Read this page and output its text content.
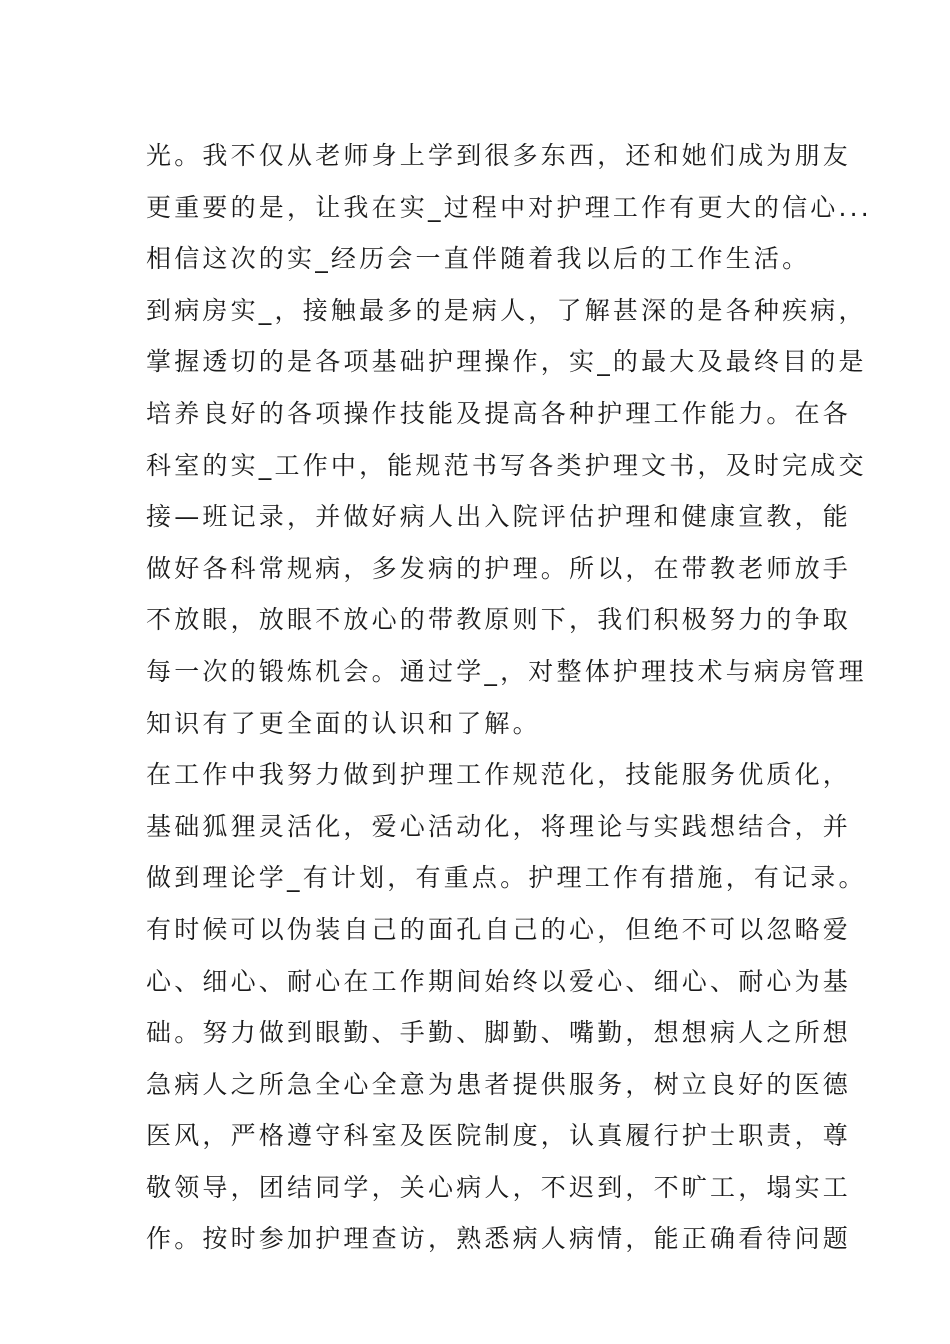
光。我不仅从老师身上学到很多东西，还和她们成为朋友
更重要的是，让我在实_过程中对护理工作有更大的信心...
相信这次的实_经历会一直伴随着我以后的工作生活。
到病房实_，接触最多的是病人，了解甚深的是各种疾病，
掌握透切的是各项基础护理操作，实_的最大及最终目的是
培养良好的各项操作技能及提高各种护理工作能力。在各
科室的实_工作中，能规范书写各类护理文书，及时完成交
接—班记录，并做好病人出入院评估护理和健康宣教，能
做好各科常规病，多发病的护理。所以，在带教老师放手
不放眼，放眼不放心的带教原则下，我们积极努力的争取
每一次的锻炼机会。通过学_，对整体护理技术与病房管理
知识有了更全面的认识和了解。
在工作中我努力做到护理工作规范化，技能服务优质化，
基础狐狸灵活化，爱心活动化，将理论与实践想结合，并
做到理论学_有计划，有重点。护理工作有措施，有记录。
有时候可以伪装自己的面孔自己的心，但绝不可以忽略爱
心、细心、耐心在工作期间始终以爱心、细心、耐心为基
础。努力做到眼勤、手勤、脚勤、嘴勤，想想病人之所想
急病人之所急全心全意为患者提供服务，树立良好的医德
医风，严格遵守科室及医院制度，认真履行护士职责，尊
敬领导，团结同学，关心病人，不迟到，不旷工，塌实工
作。按时参加护理查访，熟悉病人病情，能正确看待问题
